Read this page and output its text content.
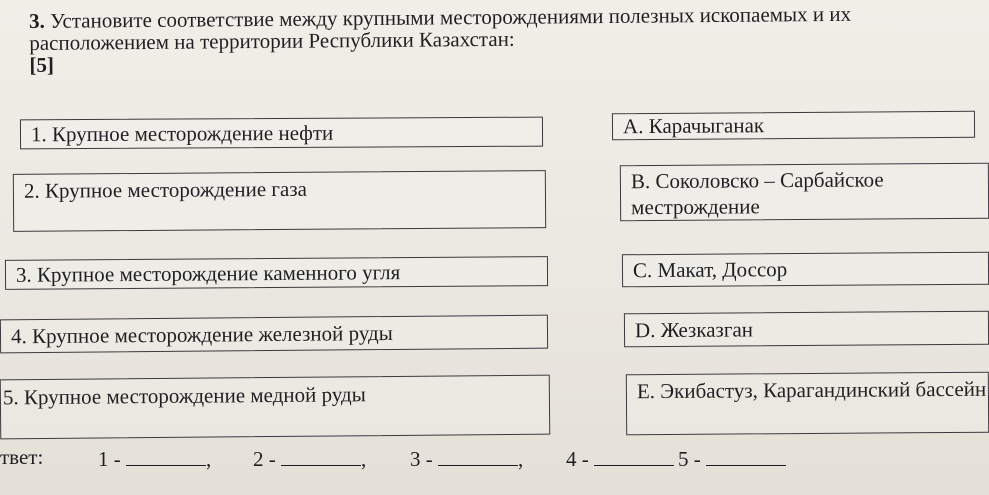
3. Установите соответствие между крупными месторождениями полезных ископаемых и их расположением на территории Республики Казахстан:
[5]
1. Крупное месторождение нефти
2. Крупное месторождение газа
3. Крупное месторождение каменного угля
4. Крупное месторождение железной руды
5. Крупное месторождение медной руды
A. Карачыганак
B. Соколовско – Сарбайское местрождение
C. Макат, Доссор
D. Жезказган
E. Экибастуз, Карагандинский бассейн
твет:	1 -	, 2 -	, 3 -	, 4 -	5 -
